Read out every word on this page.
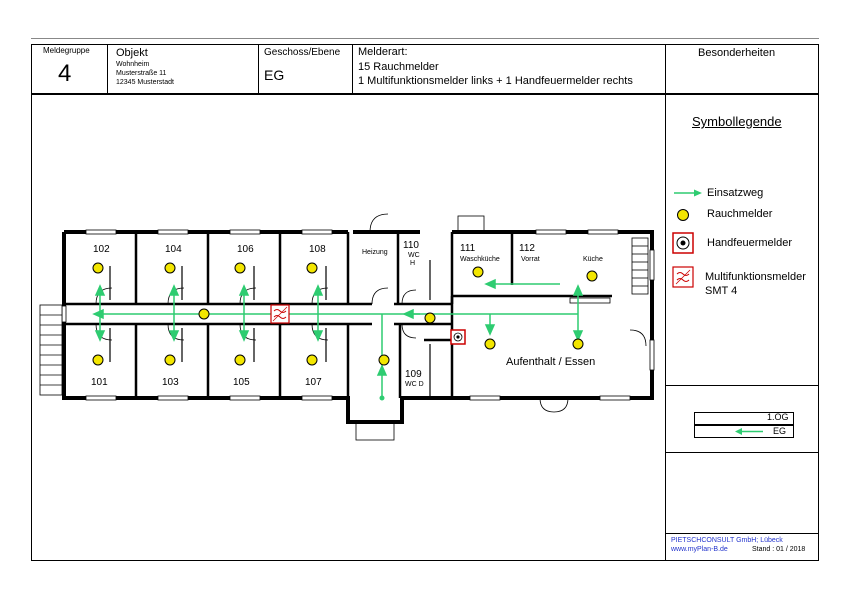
Meldegruppe
4
Objekt
Wohnheim
Musterstraße 11
12345 Musterstadt
Geschoss/Ebene
EG
Melderart:
15 Rauchmelder
1 Multifunktionsmelder links + 1 Handfeuermelder rechts
Besonderheiten
Symbollegende
Einsatzweg
Rauchmelder
Handfeuermelder
Multifunktionsmelder
SMT 4
1.OG
EG
PIETSCHCONSULT GmbH; Lübeck
www.myPlan-B.de	Stand : 01 / 2018
102	104	106	108	Heizung
110
WC
H
111
Waschküche
112
Vorrat	Küche
101	103	105	107
109
WC D
Aufenthalt / Essen
